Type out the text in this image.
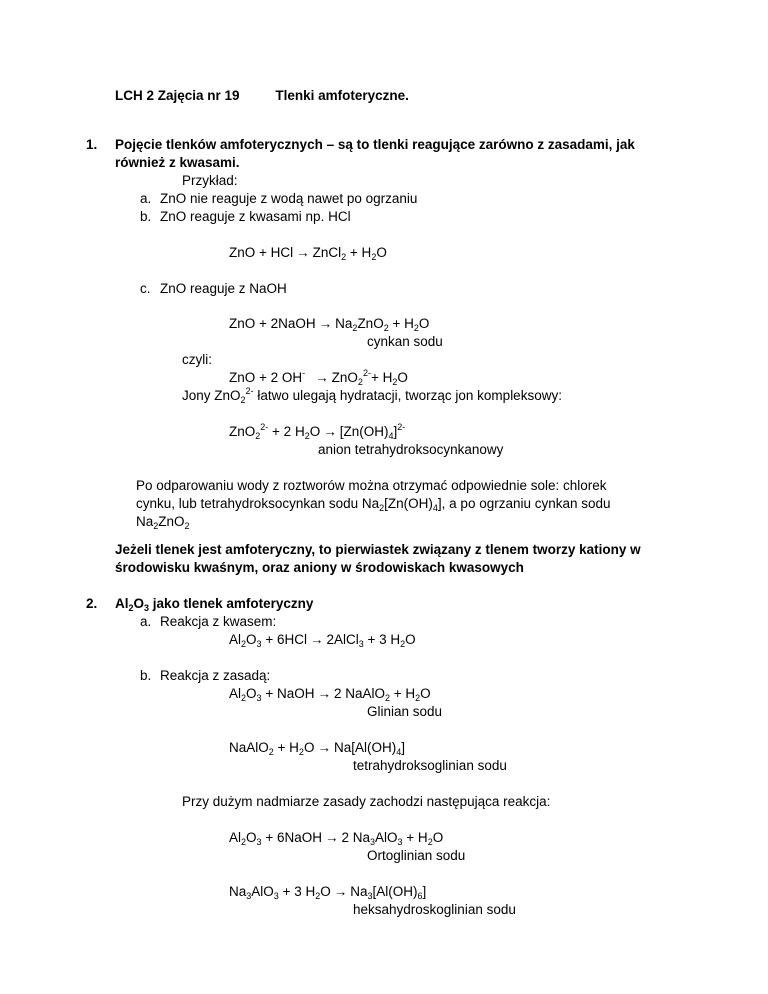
LCH 2 Zajęcia nr 19	Tlenki amfoteryczne.
1. Pojęcie tlenków amfoterycznych – są to tlenki reagujące zarówno z zasadami, jak
również z kwasami.
Przykład:
a. ZnO nie reaguje z wodą nawet po ogrzaniu
b. ZnO reaguje z kwasami np. HCl
ZnO + HCl → ZnCl$_2$ + $H_2O$
c. ZnO reaguje z NaOH
ZnO + 2NaOH → $Na_2ZnO_2 + H_2O$
cynkan sodu
czyli:
ZnO + 2 $OH^- \to ZnO_2^{2-}+ H_2O$
Jony ZnO$_2^{2-}$ łatwo ulegają hydratacji, tworząc jon kompleksowy:
ZnO$_2^{2-}$ + 2 $H_2O \to [Zn(OH)_4]^{2-}$
anion tetrahydroksocynkanowy
Po odparowaniu wody z roztworów można otrzymać odpowiednie sole: chlorek
cynku, lub tetrahydroksocynkan sodu $Na_2[Zn(OH)_4]$, a po ogrzaniu cynkan sodu
$Na_2ZnO_2$
Jeżeli tlenek jest amfoteryczny, to pierwiastek związany z tlenem tworzy kationy w
środowisku kwaśnym, oraz aniony w środowiskach kwasowych
2. $Al_2O_3$ jako tlenek amfoteryczny
a. Reakcja z kwasem:
$Al_2O_3 + 6HCl$ → 2AlCl$_3$ + 3 $H_2O$
b. Reakcja z zasadą:
$Al_2O_3$ + NaOH → 2 NaAlO$_2$ + $H_2O$
Glinian sodu
NaAlO$_2$ + $H_2O \to Na[Al(OH)_4]$
tetrahydroksoglinian sodu
Przy dużym nadmiarze zasady zachodzi następująca reakcja:
$Al_2O_3$ + 6NaOH → 2 $Na_3AlO_3 + H_2O$
Ortoglinian sodu
$Na_3AlO_3 + 3$ $H_2O \to Na_3[Al(OH)_6]$
heksahydroskoglinian sodu
